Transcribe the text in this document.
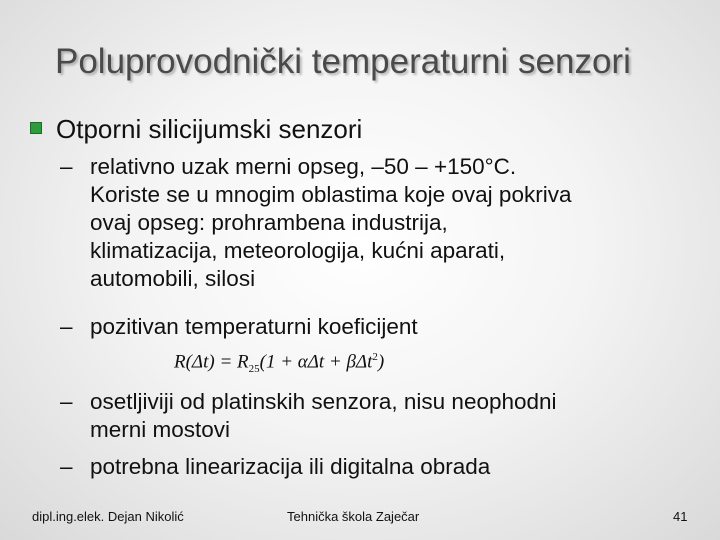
Poluprovodnički temperaturni senzori
Otporni silicijumski senzori
– relativno uzak merni opseg, –50 – +150°C.
Koriste se u mnogim oblastima koje ovaj pokriva
ovaj opseg: prohrambena industrija,
klimatizacija, meteorologija, kućni aparati,
automobili, silosi
– pozitivan temperaturni koeficijent
$R(\Delta t) = R_{25}(1 + \alpha\Delta t + \beta\Delta t^2)$
– osetljiviji od platinskih senzora, nisu neophodni
merni mostovi
– potrebna linearizacija ili digitalna obrada
dipl.ing.elek. Dejan Nikolić	Tehnička škola Zaječar	41
